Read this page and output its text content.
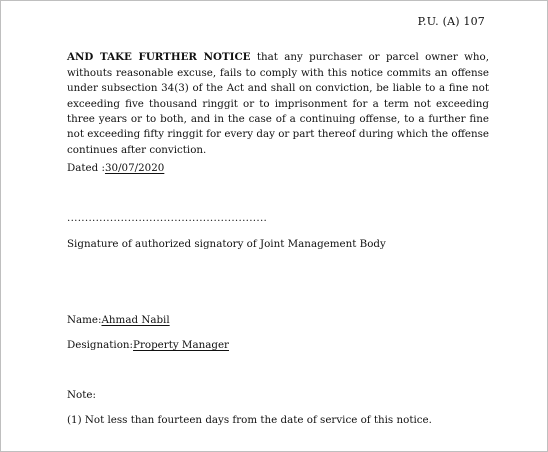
P.U. (A) 107

AND TAKE FURTHER NOTICE that any purchaser or parcel owner who, withouts reasonable excuse, fails to comply with this notice commits an offense under subsection 34(3) of the Act and shall on conviction, be liable to a fine not exceeding five thousand ringgit or to imprisonment for a term not exceeding three years or to both, and in the case of a continuing offense, to a further fine not exceeding fifty ringgit for every day or part thereof during which the offense continues after conviction.

Dated :30/07/2020
........................................................
Signature of authorized signatory of Joint Management Body
Name:Ahmad Nabil
Designation:Property Manager
Note:
(1) Not less than fourteen days from the date of service of this notice.
